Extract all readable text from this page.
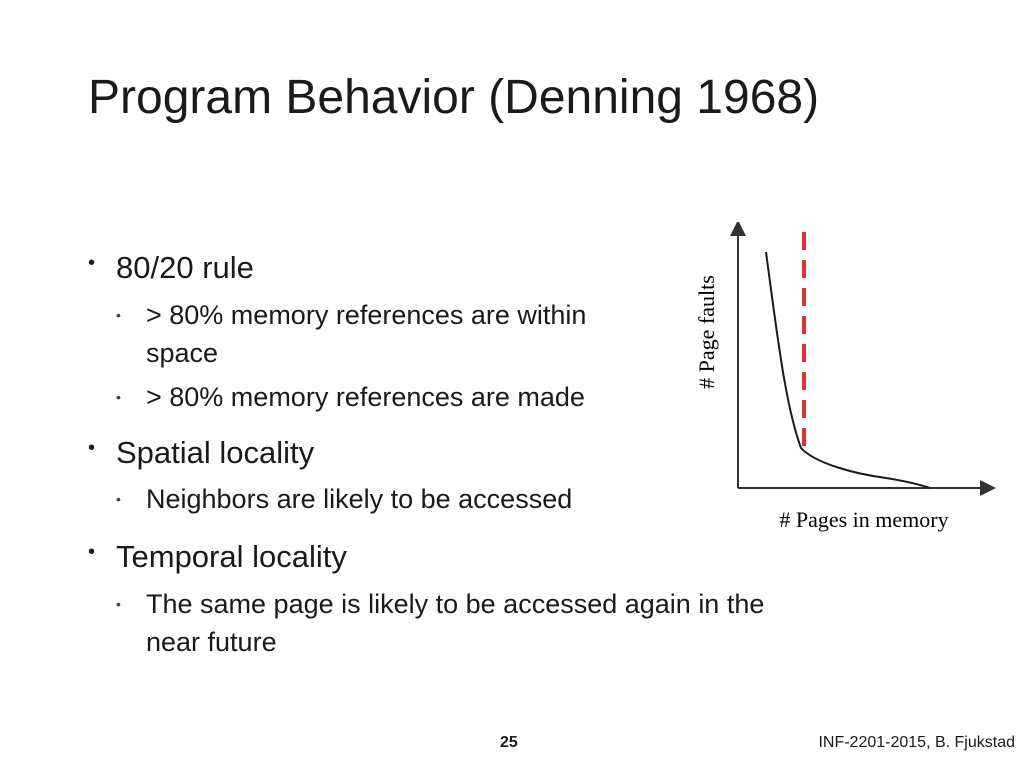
Program Behavior (Denning 1968)
• 80/20 rule
• > 80% memory references are within
space
• > 80% memory references are made
• Spatial locality
• Neighbors are likely to be accessed
• Temporal locality
• The same page is likely to be accessed again in the
near future
# Page faults
# Pages in memory
25	INF-2201-2015, B. Fjukstad
